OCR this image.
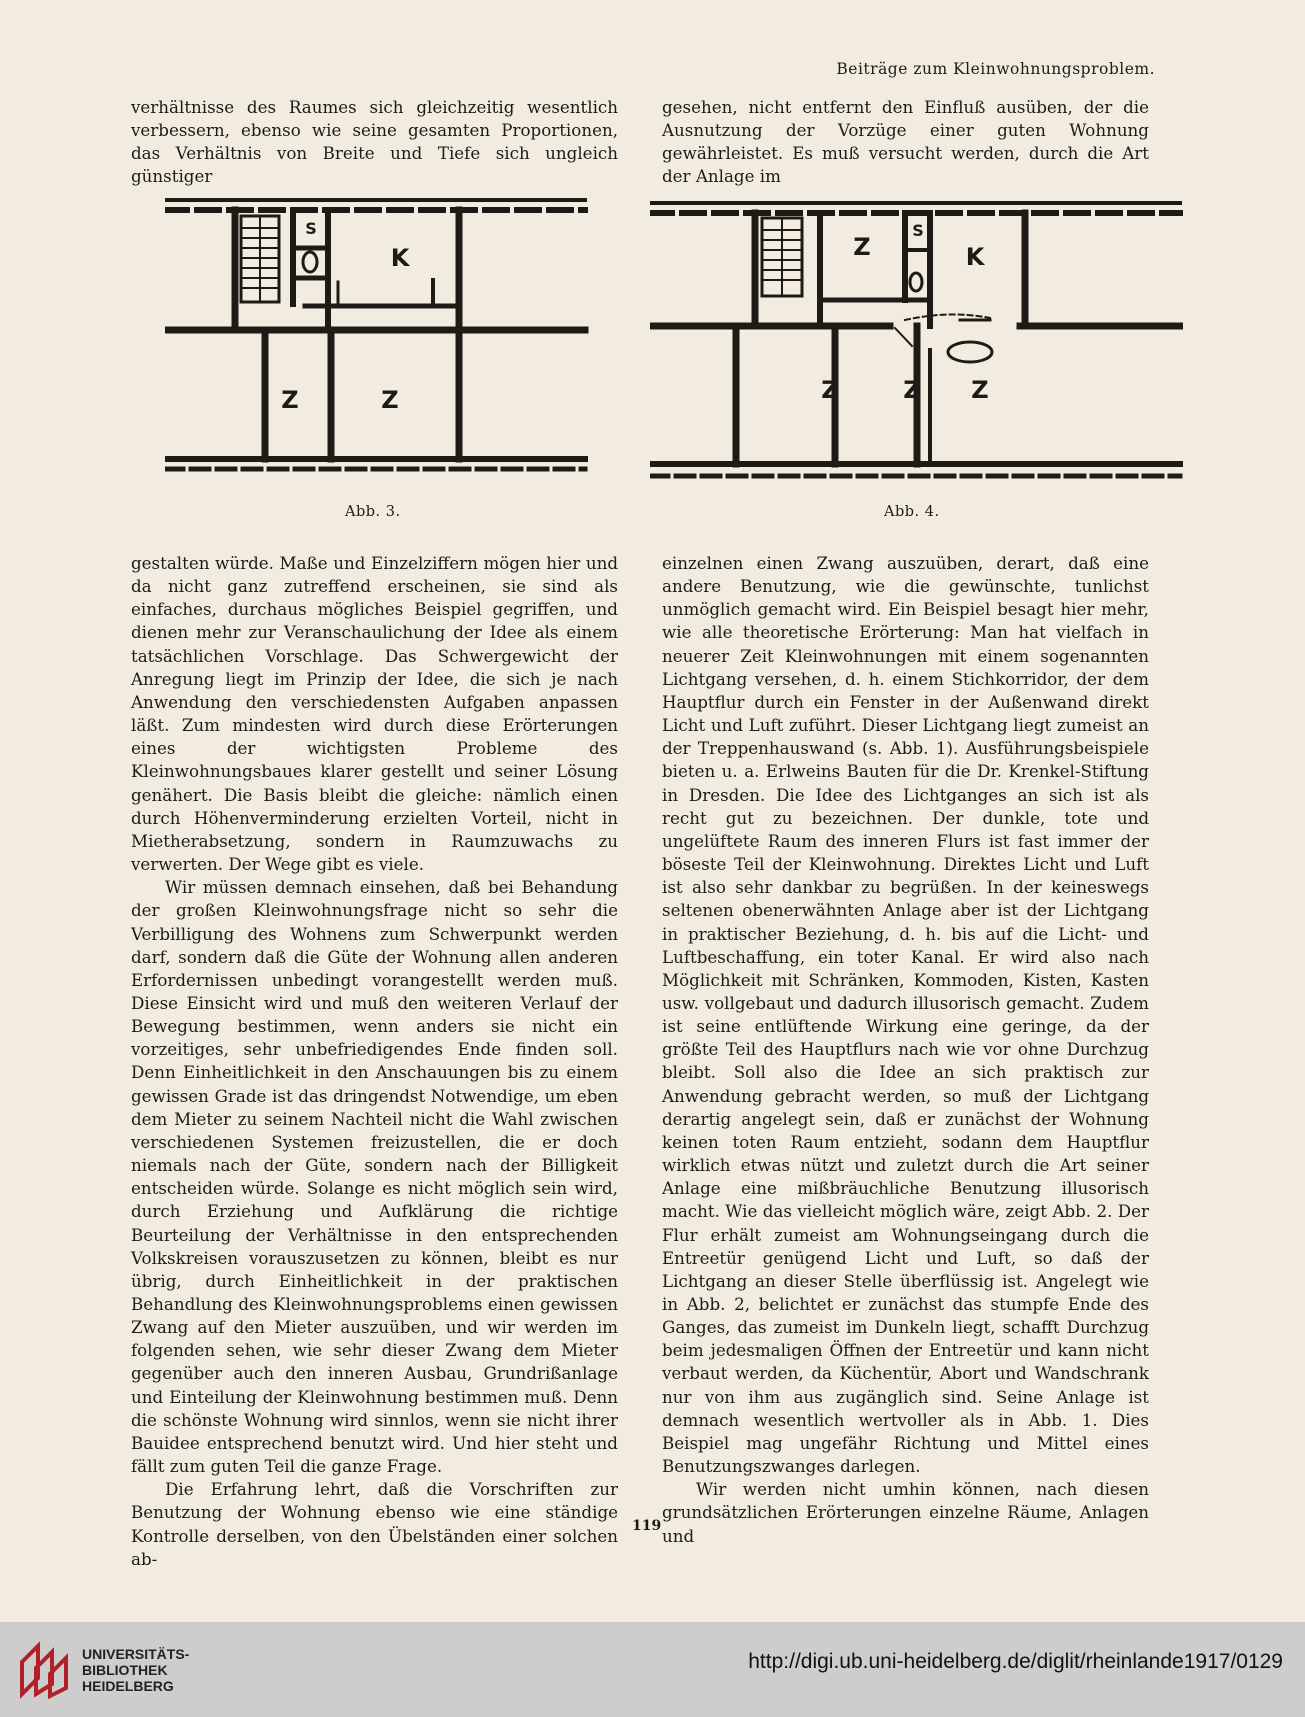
Beiträge zum Kleinwohnungsproblem.

verhältnisse des Raumes sich gleichzeitig wesentlich verbessern, ebenso wie seine gesamten Proportionen, das Verhältnis von Breite und Tiefe sich ungleich günstiger

gesehen, nicht entfernt den Einfluß ausüben, der die Ausnutzung der Vorzüge einer guten Wohnung gewährleistet. Es muß versucht werden, durch die Art der Anlage im

S
K
Z	Z
Z
S
K
Z	Z Z
Abb. 3.	Abb. 4.

gestalten würde. Maße und Einzelziffern mögen hier und da nicht ganz zutreffend erscheinen, sie sind als einfaches, durchaus mögliches Beispiel gegriffen, und dienen mehr zur Veranschaulichung der Idee als einem tatsächlichen Vorschlage. Das Schwergewicht der Anregung liegt im Prinzip der Idee, die sich je nach Anwendung den verschiedensten Aufgaben anpassen läßt. Zum mindesten wird durch diese Erörterungen eines der wichtigsten Probleme des Kleinwohnungsbaues klarer gestellt und seiner Lösung genähert. Die Basis bleibt die gleiche: nämlich einen durch Höhenverminderung erzielten Vorteil, nicht in Mietherabsetzung, sondern in Raumzuwachs zu verwerten. Der Wege gibt es viele.

Wir müssen demnach einsehen, daß bei Behandung der großen Kleinwohnungsfrage nicht so sehr die Verbilligung des Wohnens zum Schwerpunkt werden darf, sondern daß die Güte der Wohnung allen anderen Erfordernissen unbedingt vorangestellt werden muß. Diese Einsicht wird und muß den weiteren Verlauf der Bewegung bestimmen, wenn anders sie nicht ein vorzeitiges, sehr unbefriedigendes Ende finden soll. Denn Einheitlichkeit in den Anschauungen bis zu einem gewissen Grade ist das dringendst Notwendige, um eben dem Mieter zu seinem Nachteil nicht die Wahl zwischen verschiedenen Systemen freizustellen, die er doch niemals nach der Güte, sondern nach der Billigkeit entscheiden würde. Solange es nicht möglich sein wird, durch Erziehung und Aufklärung die richtige Beurteilung der Verhältnisse in den entsprechenden Volkskreisen vorauszusetzen zu können, bleibt es nur übrig, durch Einheitlichkeit in der praktischen Behandlung des Kleinwohnungsproblems einen gewissen Zwang auf den Mieter auszuüben, und wir werden im folgenden sehen, wie sehr dieser Zwang dem Mieter gegenüber auch den inneren Ausbau, Grundrißanlage und Einteilung der Kleinwohnung bestimmen muß. Denn die schönste Wohnung wird sinnlos, wenn sie nicht ihrer Bauidee entsprechend benutzt wird. Und hier steht und fällt zum guten Teil die ganze Frage.

Die Erfahrung lehrt, daß die Vorschriften zur Benutzung der Wohnung ebenso wie eine ständige Kontrolle derselben, von den Übelständen einer solchen ab-

einzelnen einen Zwang auszuüben, derart, daß eine andere Benutzung, wie die gewünschte, tunlichst unmöglich gemacht wird. Ein Beispiel besagt hier mehr, wie alle theoretische Erörterung: Man hat vielfach in neuerer Zeit Kleinwohnungen mit einem sogenannten Lichtgang versehen, d. h. einem Stichkorridor, der dem Hauptflur durch ein Fenster in der Außenwand direkt Licht und Luft zuführt. Dieser Lichtgang liegt zumeist an der Treppenhauswand (s. Abb. 1). Ausführungsbeispiele bieten u. a. Erlweins Bauten für die Dr. Krenkel-Stiftung in Dresden. Die Idee des Lichtganges an sich ist als recht gut zu bezeichnen. Der dunkle, tote und ungelüftete Raum des inneren Flurs ist fast immer der böseste Teil der Kleinwohnung. Direktes Licht und Luft ist also sehr dankbar zu begrüßen. In der keineswegs seltenen obenerwähnten Anlage aber ist der Lichtgang in praktischer Beziehung, d. h. bis auf die Licht- und Luftbeschaffung, ein toter Kanal. Er wird also nach Möglichkeit mit Schränken, Kommoden, Kisten, Kasten usw. vollgebaut und dadurch illusorisch gemacht. Zudem ist seine entlüftende Wirkung eine geringe, da der größte Teil des Hauptflurs nach wie vor ohne Durchzug bleibt. Soll also die Idee an sich praktisch zur Anwendung gebracht werden, so muß der Lichtgang derartig angelegt sein, daß er zunächst der Wohnung keinen toten Raum entzieht, sodann dem Hauptflur wirklich etwas nützt und zuletzt durch die Art seiner Anlage eine mißbräuchliche Benutzung illusorisch macht. Wie das vielleicht möglich wäre, zeigt Abb. 2. Der Flur erhält zumeist am Wohnungseingang durch die Entreetür genügend Licht und Luft, so daß der Lichtgang an dieser Stelle überflüssig ist. Angelegt wie in Abb. 2, belichtet er zunächst das stumpfe Ende des Ganges, das zumeist im Dunkeln liegt, schafft Durchzug beim jedesmaligen Öffnen der Entreetür und kann nicht verbaut werden, da Küchentür, Abort und Wandschrank nur von ihm aus zugänglich sind. Seine Anlage ist demnach wesentlich wertvoller als in Abb. 1. Dies Beispiel mag ungefähr Richtung und Mittel eines Benutzungszwanges darlegen.

Wir werden nicht umhin können, nach diesen grundsätzlichen Erörterungen einzelne Räume, Anlagen und

119
UNIVERSITÄTS-
BIBLIOTHEK
HEIDELBERG
http://digi.ub.uni-heidelberg.de/diglit/rheinlande1917/0129
